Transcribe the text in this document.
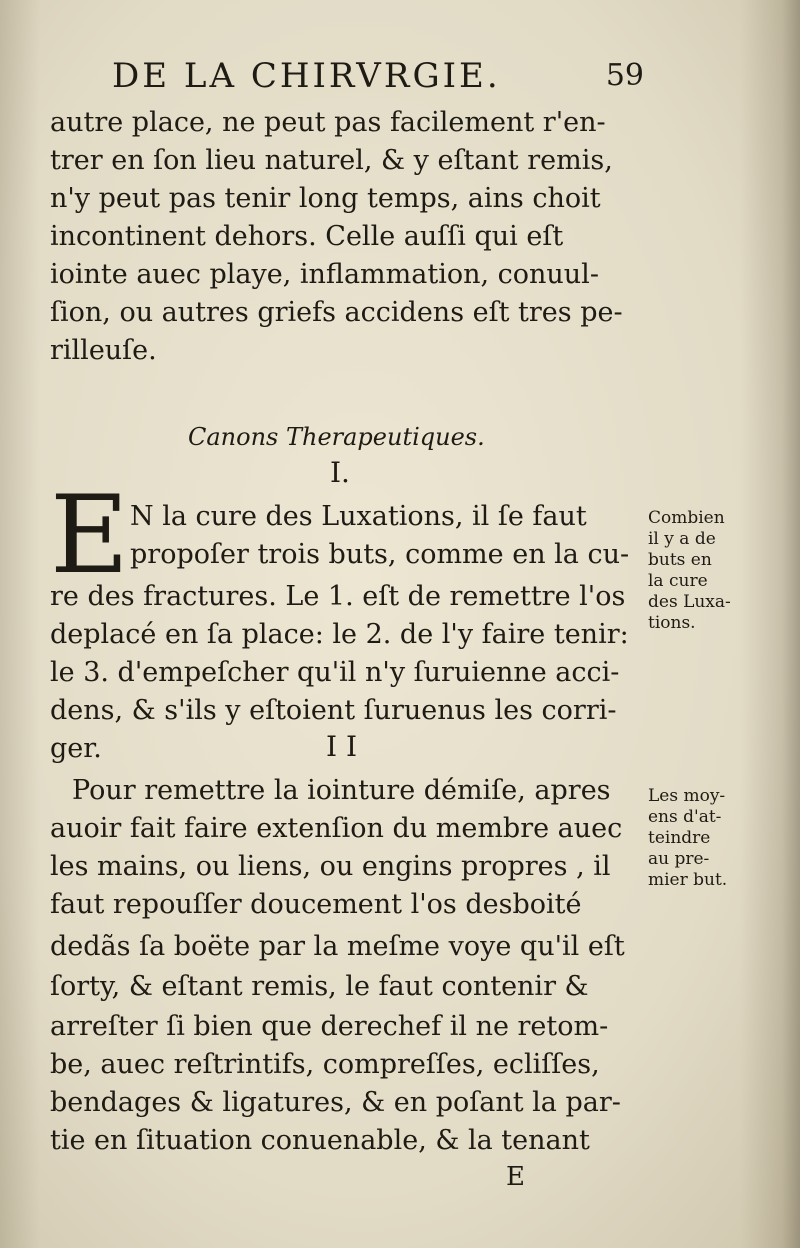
DE LA CHIRVRGIE.	59
autre place, ne peut pas facilement r'en-
trer en ſon lieu naturel, & y eſtant remis,
n'y peut pas tenir long temps, ains choit
incontinent dehors. Celle auſſi qui eſt
iointe auec playe, inflammation, conuul-
ſion, ou autres griefs accidens eſt tres pe-
rilleuſe.
Canons Therapeutiques.
I.
E N la cure des Luxations, il ſe faut
propoſer trois buts, comme en la cu-
re des fractures. Le 1. eſt de remettre l'os
deplacé en ſa place: le 2. de l'y faire tenir:
le 3. d'empeſcher qu'il n'y ſuruienne acci-
dens, & s'ils y eſtoient ſuruenus les corri-
ger.
Combien
il y a de
buts en
la cure
des Luxa-
tions.
I I
Pour remettre la iointure démiſe, apres
auoir fait faire extenſion du membre auec
les mains, ou liens, ou engins propres , il
faut repouſſer doucement l'os desboité
dedãs ſa boëte par la meſme voye qu'il eſt
ſorty, & eſtant remis, le faut contenir &
arreſter ſi bien que derechef il ne retom-
be, auec reſtrintifs, compreſſes, ecliſſes,
bendages & ligatures, & en poſant la par-
tie en ſituation conuenable, & la tenant
Les moy-
ens d'at-
teindre
au pre-
mier but.
E
